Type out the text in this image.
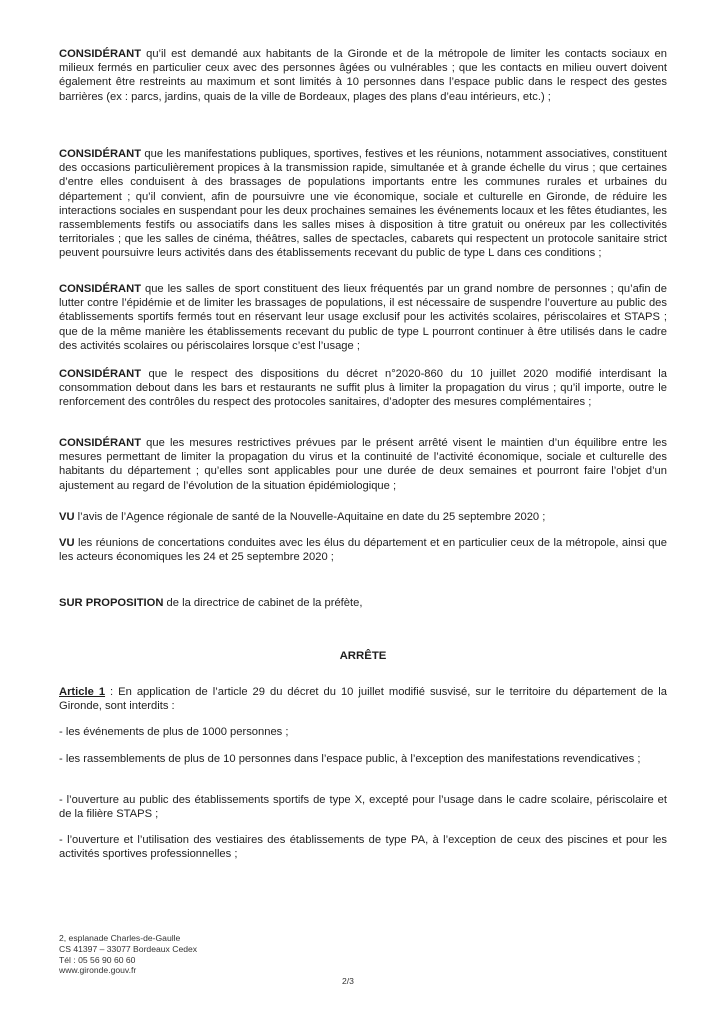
CONSIDÉRANT qu’il est demandé aux habitants de la Gironde et de la métropole de limiter les contacts sociaux en milieux fermés en particulier ceux avec des personnes âgées ou vulnérables ; que les contacts en milieu ouvert doivent également être restreints au maximum et sont limités à 10 personnes dans l’espace public dans le respect des gestes barrières (ex : parcs, jardins, quais de la ville de Bordeaux, plages des plans d’eau intérieurs, etc.) ;

CONSIDÉRANT que les manifestations publiques, sportives, festives et les réunions, notamment associatives, constituent des occasions particulièrement propices à la transmission rapide, simultanée et à grande échelle du virus ; que certaines d’entre elles conduisent à des brassages de populations importants entre les communes rurales et urbaines du département ; qu’il convient, afin de poursuivre une vie économique, sociale et culturelle en Gironde, de réduire les interactions sociales en suspendant pour les deux prochaines semaines les événements locaux et les fêtes étudiantes, les rassemblements festifs ou associatifs dans les salles mises à disposition à titre gratuit ou onéreux par les collectivités territoriales ; que les salles de cinéma, théâtres, salles de spectacles, cabarets qui respectent un protocole sanitaire strict peuvent poursuivre leurs activités dans des établissements recevant du public de type L dans ces conditions ;

CONSIDÉRANT que les salles de sport constituent des lieux fréquentés par un grand nombre de personnes ; qu’afin de lutter contre l’épidémie et de limiter les brassages de populations, il est nécessaire de suspendre l’ouverture au public des établissements sportifs fermés tout en réservant leur usage exclusif pour les activités scolaires, périscolaires et STAPS ; que de la même manière les établissements recevant du public de type L pourront continuer à être utilisés dans le cadre des activités scolaires ou périscolaires lorsque c’est l’usage ;

CONSIDÉRANT que le respect des dispositions du décret n°2020-860 du 10 juillet 2020 modifié interdisant la consommation debout dans les bars et restaurants ne suffit plus à limiter la propagation du virus ; qu’il importe, outre le renforcement des contrôles du respect des protocoles sanitaires, d’adopter des mesures complémentaires ;

CONSIDÉRANT que les mesures restrictives prévues par le présent arrêté visent le maintien d’un équilibre entre les mesures permettant de limiter la propagation du virus et la continuité de l’activité économique, sociale et culturelle des habitants du département ; qu’elles sont applicables pour une durée de deux semaines et pourront faire l’objet d’un ajustement au regard de l’évolution de la situation épidémiologique ;

VU l’avis de l’Agence régionale de santé de la Nouvelle-Aquitaine en date du 25 septembre 2020 ;

VU les réunions de concertations conduites avec les élus du département et en particulier ceux de la métropole, ainsi que les acteurs économiques les 24 et 25 septembre 2020 ;

SUR PROPOSITION de la directrice de cabinet de la préfète,

ARRÊTE

Article 1 : En application de l’article 29 du décret du 10 juillet modifié susvisé, sur le territoire du département de la Gironde, sont interdits :

- les événements de plus de 1000 personnes ;

- les rassemblements de plus de 10 personnes dans l’espace public, à l’exception des manifestations revendicatives ;

- l’ouverture au public des établissements sportifs de type X, excepté pour l’usage dans le cadre scolaire, périscolaire et de la filière STAPS ;

- l’ouverture et l’utilisation des vestiaires des établissements de type PA, à l’exception de ceux des piscines et pour les activités sportives professionnelles ;

2, esplanade Charles-de-Gaulle
CS 41397 – 33077 Bordeaux Cedex
Tél : 05 56 90 60 60
www.gironde.gouv.fr
2/3
